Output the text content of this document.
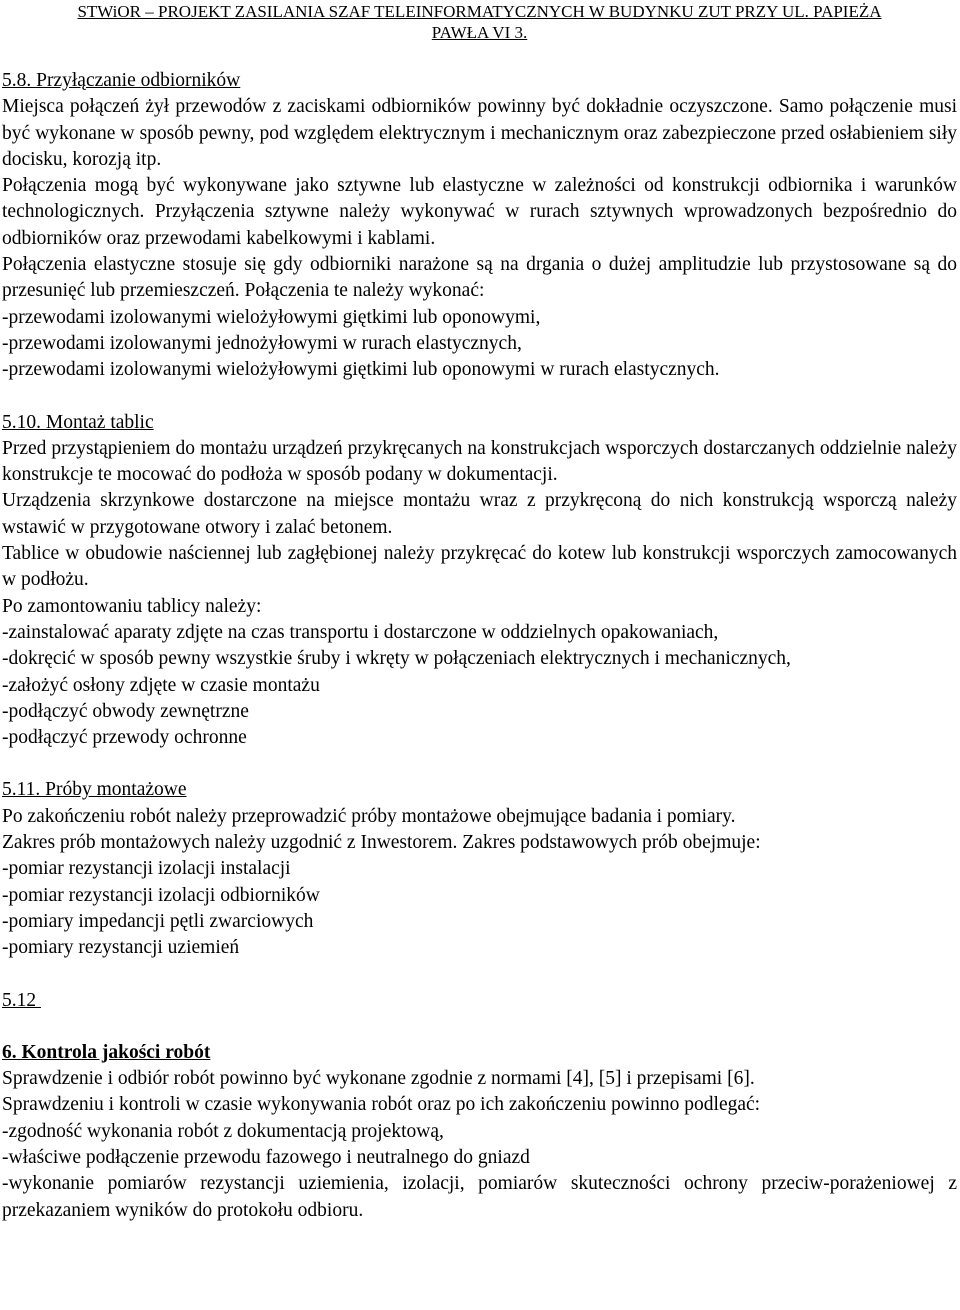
STWiOR – PROJEKT ZASILANIA SZAF TELEINFORMATYCZNYCH W BUDYNKU ZUT PRZY UL. PAPIEŻA
PAWŁA VI 3.

5.8. Przyłączanie odbiorników

Miejsca połączeń żył przewodów z zaciskami odbiorników powinny być dokładnie oczyszczone. Samo połączenie musi być wykonane w sposób pewny, pod względem elektrycznym i mechanicznym oraz zabezpieczone przed osłabieniem siły docisku, korozją itp.

Połączenia mogą być wykonywane jako sztywne lub elastyczne w zależności od konstrukcji odbiornika i warunków technologicznych. Przyłączenia sztywne należy wykonywać w rurach sztywnych wprowadzonych bezpośrednio do odbiorników oraz przewodami kabelkowymi i kablami.

Połączenia elastyczne stosuje się gdy odbiorniki narażone są na drgania o dużej amplitudzie lub przystosowane są do przesunięć lub przemieszczeń. Połączenia te należy wykonać:

-przewodami izolowanymi wielożyłowymi giętkimi lub oponowymi,

-przewodami izolowanymi jednożyłowymi w rurach elastycznych,

-przewodami izolowanymi wielożyłowymi giętkimi lub oponowymi w rurach elastycznych.

5.10. Montaż tablic

Przed przystąpieniem do montażu urządzeń przykręcanych na konstrukcjach wsporczych dostarczanych oddzielnie należy konstrukcje te mocować do podłoża w sposób podany w dokumentacji.

Urządzenia skrzynkowe dostarczone na miejsce montażu wraz z przykręconą do nich konstrukcją wsporczą należy wstawić w przygotowane otwory i zalać betonem.

Tablice w obudowie naściennej lub zagłębionej należy przykręcać do kotew lub konstrukcji wsporczych zamocowanych w podłożu.

Po zamontowaniu tablicy należy:

-zainstalować aparaty zdjęte na czas transportu i dostarczone w oddzielnych opakowaniach,

-dokręcić w sposób pewny wszystkie śruby i wkręty w połączeniach elektrycznych i mechanicznych,

-założyć osłony zdjęte w czasie montażu

-podłączyć obwody zewnętrzne

-podłączyć przewody ochronne

5.11. Próby montażowe

Po zakończeniu robót należy przeprowadzić próby montażowe obejmujące badania i pomiary.

Zakres prób montażowych należy uzgodnić z Inwestorem. Zakres podstawowych prób obejmuje:

-pomiar rezystancji izolacji instalacji

-pomiar rezystancji izolacji odbiorników

-pomiary impedancji pętli zwarciowych

-pomiary rezystancji uziemień

5.12

6. Kontrola jakości robót

Sprawdzenie i odbiór robót powinno być wykonane zgodnie z normami [4], [5] i przepisami [6].

Sprawdzeniu i kontroli w czasie wykonywania robót oraz po ich zakończeniu powinno podlegać:

-zgodność wykonania robót z dokumentacją projektową,

-właściwe podłączenie przewodu fazowego i neutralnego do gniazd

-wykonanie pomiarów rezystancji uziemienia, izolacji, pomiarów skuteczności ochrony przeciw-porażeniowej z przekazaniem wyników do protokołu odbioru.
